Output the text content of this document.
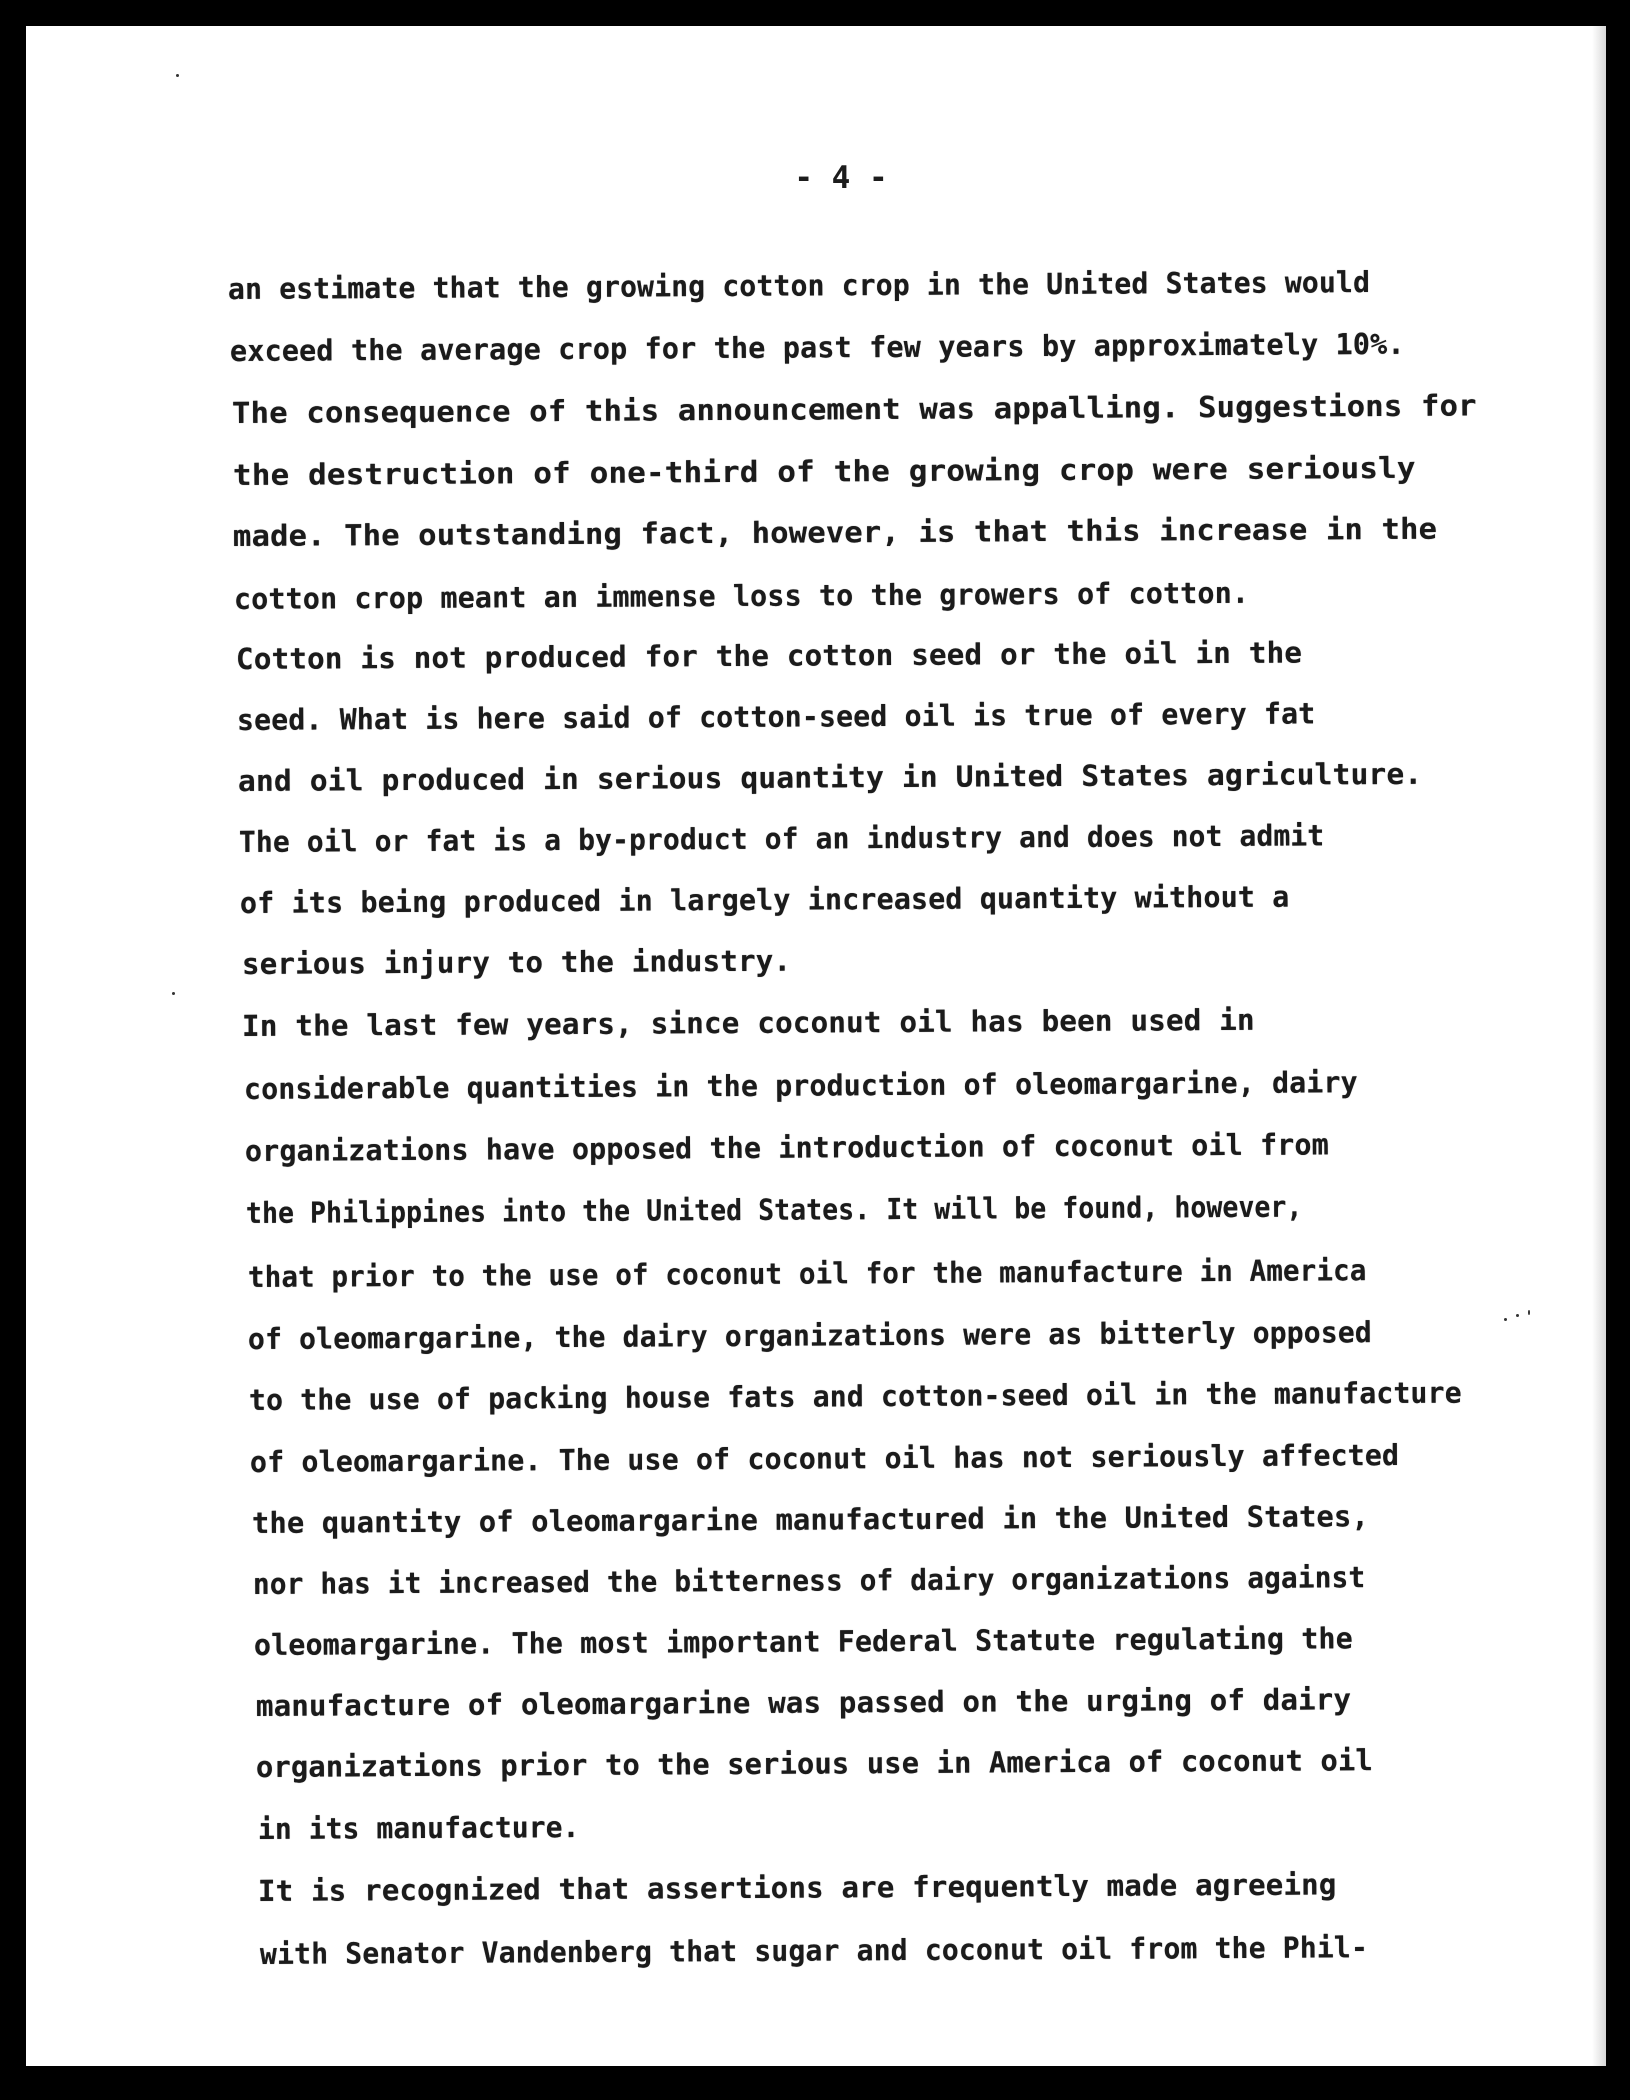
- 4 -
an estimate that the growing cotton crop in the United States would
exceed the average crop for the past few years by approximately 10%.
The consequence of this announcement was appalling. Suggestions for
the destruction of one-third of the growing crop were seriously
made. The outstanding fact, however, is that this increase in the
cotton crop meant an immense loss to the growers of cotton.
Cotton is not produced for the cotton seed or the oil in the
seed. What is here said of cotton-seed oil is true of every fat
and oil produced in serious quantity in United States agriculture.
The oil or fat is a by-product of an industry and does not admit
of its being produced in largely increased quantity without a
serious injury to the industry.
In the last few years, since coconut oil has been used in
considerable quantities in the production of oleomargarine, dairy
organizations have opposed the introduction of coconut oil from
the Philippines into the United States. It will be found, however,
that prior to the use of coconut oil for the manufacture in America
of oleomargarine, the dairy organizations were as bitterly opposed
to the use of packing house fats and cotton-seed oil in the manufacture
of oleomargarine. The use of coconut oil has not seriously affected
the quantity of oleomargarine manufactured in the United States,
nor has it increased the bitterness of dairy organizations against
oleomargarine. The most important Federal Statute regulating the
manufacture of oleomargarine was passed on the urging of dairy
organizations prior to the serious use in America of coconut oil
in its manufacture.
It is recognized that assertions are frequently made agreeing
with Senator Vandenberg that sugar and coconut oil from the Phil-
